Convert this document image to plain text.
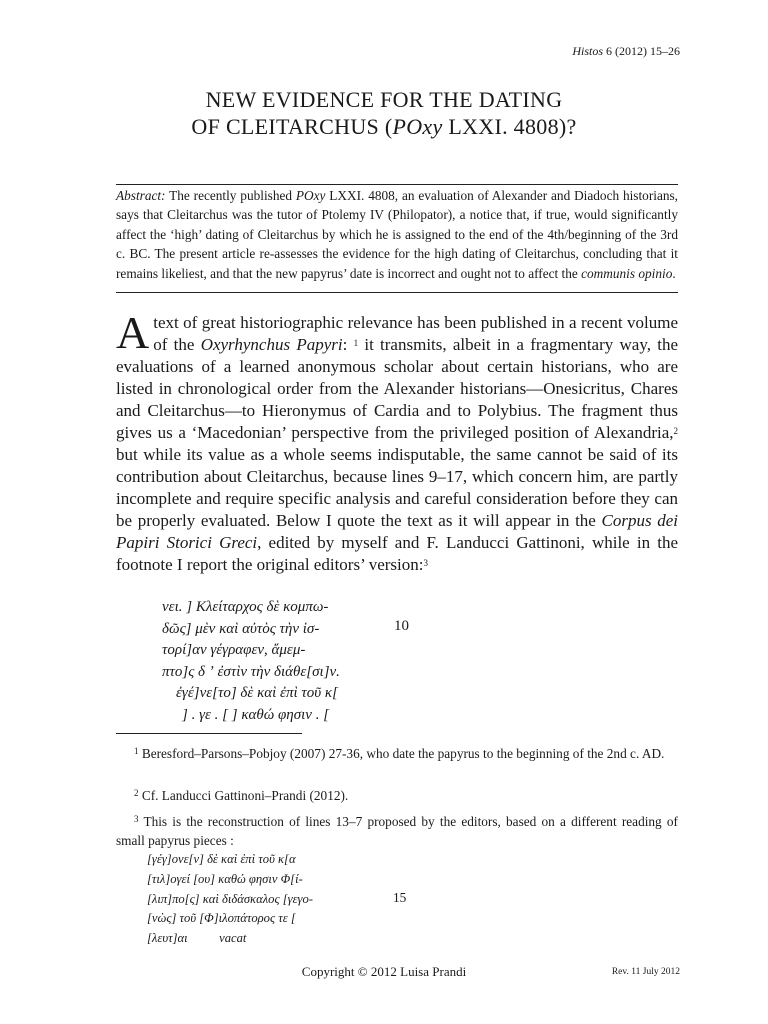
Histos 6 (2012) 15–26
NEW EVIDENCE FOR THE DATING
OF CLEITARCHUS (POxy LXXI. 4808)?
Abstract: The recently published POxy LXXI. 4808, an evaluation of Alexander and Diadoch historians, says that Cleitarchus was the tutor of Ptolemy IV (Philopator), a notice that, if true, would significantly affect the ‘high’ dating of Cleitarchus by which he is assigned to the end of the 4th/beginning of the 3rd c. BC. The present article re-assesses the evidence for the high dating of Cleitarchus, concluding that it remains likeliest, and that the new papyrus’ date is incorrect and ought not to affect the communis opinio.
A text of great historiographic relevance has been published in a recent volume of the Oxyrhynchus Papyri: $^1$ it transmits, albeit in a fragmentary way, the evaluations of a learned anonymous scholar about certain historians, who are listed in chronological order from the Alexander historians—Onesicritus, Chares and Cleitarchus—to Hieronymus of Cardia and to Polybius. The fragment thus gives us a ‘Macedonian’ perspective from the privileged position of Alexandria,$^2$ but while its value as a whole seems indisputable, the same cannot be said of its contribution about Cleitarchus, because lines 9–17, which concern him, are partly incomplete and require specific analysis and careful consideration before they can be properly evaluated. Below I quote the text as it will appear in the Corpus dei Papiri Storici Greci, edited by myself and F. Landucci Gattinoni, while in the footnote I report the original editors’ version:$^3$
νει. ] Κλείταρχος δὲ κομπω-
δῶς] μὲν καὶ αὐτὸς τὴν ἱσ-
τορί]αν γέγραφεν, ἄμεμ-
πτο]ς δ ʼ ἐστὶν τὴν διάθε[σι]ν.
ἐγέ]νε[το] δὲ καὶ ἐπὶ τοῦ κ[
] . γε . [ ] καθώ φησιν . [
10
$^1$ Beresford–Parsons–Pobjoy (2007) 27-36, who date the papyrus to the beginning of the 2nd c. AD.
$^2$ Cf. Landucci Gattinoni–Prandi (2012).
$^3$ This is the reconstruction of lines 13–7 proposed by the editors, based on a different reading of small papyrus pieces :
[γέγ]ονε[ν] δὲ καὶ ἐπὶ τοῦ κ[α
[τιλ]ογεί [ου] καθώ φησιν Φ[ί-
[λιπ]πο[ς] καὶ διδάσκαλος [γεγο-
[νὼς] τοῦ [Φ]ιλοπάτορος τε [
[λευτ]αι          vacat
15
Copyright © 2012 Luisa Prandi	Rev. 11 July 2012
